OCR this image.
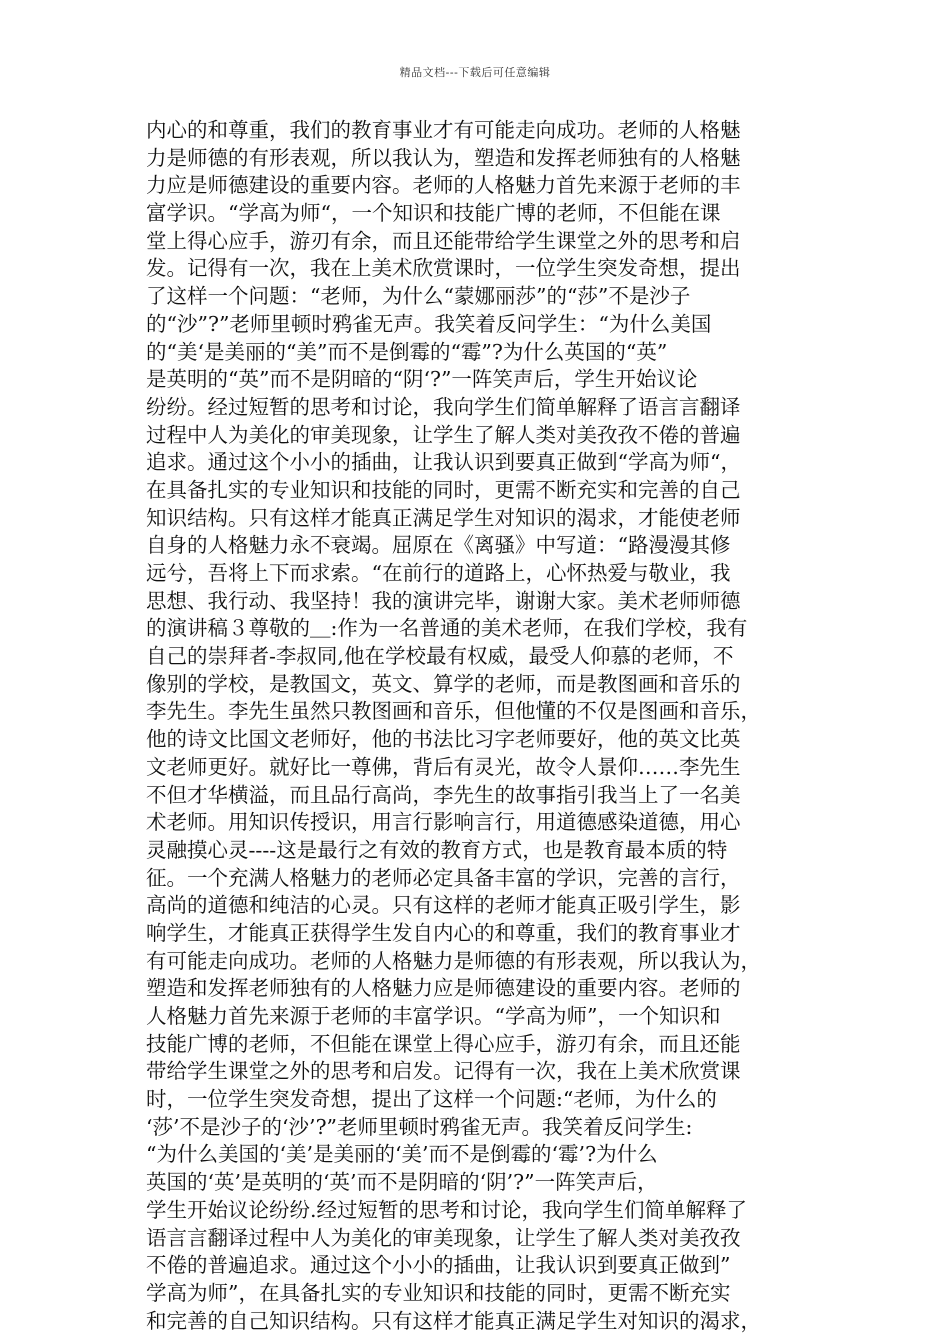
精品文档---下载后可任意编辑
内心的和尊重，我们的教育事业才有可能走向成功。老师的人格魅
力是师德的有形表观，所以我认为，塑造和发挥老师独有的人格魅
力应是师德建设的重要内容。老师的人格魅力首先来源于老师的丰
富学识。“学高为师“，一个知识和技能广博的老师，不但能在课
堂上得心应手，游刃有余，而且还能带给学生课堂之外的思考和启
发。记得有一次，我在上美术欣赏课时，一位学生突发奇想，提出
了这样一个问题：“老师，为什么“蒙娜丽莎”的“莎”不是沙子
的“沙”?”老师里顿时鸦雀无声。我笑着反问学生：“为什么美国
的“美‘是美丽的“美”而不是倒霉的“霉”?为什么英国的“英”
是英明的“英”而不是阴暗的“阴‘?”一阵笑声后，学生开始议论
纷纷。经过短暂的思考和讨论，我向学生们简单解释了语言言翻译
过程中人为美化的审美现象，让学生了解人类对美孜孜不倦的普遍
追求。通过这个小小的插曲，让我认识到要真正做到“学高为师“，
在具备扎实的专业知识和技能的同时，更需不断充实和完善的自己
知识结构。只有这样才能真正满足学生对知识的渴求，才能使老师
自身的人格魅力永不衰竭。屈原在《离骚》中写道：“路漫漫其修
远兮，吾将上下而求索。“在前行的道路上，心怀热爱与敬业，我
思想、我行动、我坚持！我的演讲完毕，谢谢大家。美术老师师德
的演讲稿３尊敬的＿:作为一名普通的美术老师，在我们学校，我有
自己的崇拜者-李叔同,他在学校最有权威，最受人仰慕的老师，不
像别的学校，是教国文，英文、算学的老师，而是教图画和音乐的
李先生。李先生虽然只教图画和音乐，但他懂的不仅是图画和音乐，
他的诗文比国文老师好，他的书法比习字老师要好，他的英文比英
文老师更好。就好比一尊佛，背后有灵光，故令人景仰……李先生
不但才华横溢，而且品行高尚，李先生的故事指引我当上了一名美
术老师。用知识传授识，用言行影响言行，用道德感染道德，用心
灵融摸心灵----这是最行之有效的教育方式，也是教育最本质的特
征。一个充满人格魅力的老师必定具备丰富的学识，完善的言行，
高尚的道德和纯洁的心灵。只有这样的老师才能真正吸引学生，影
响学生，才能真正获得学生发自内心的和尊重，我们的教育事业才
有可能走向成功。老师的人格魅力是师德的有形表观，所以我认为，
塑造和发挥老师独有的人格魅力应是师德建设的重要内容。老师的
人格魅力首先来源于老师的丰富学识。“学高为师”，一个知识和
技能广博的老师，不但能在课堂上得心应手，游刃有余，而且还能
带给学生课堂之外的思考和启发。记得有一次，我在上美术欣赏课
时，一位学生突发奇想，提出了这样一个问题:“老师，为什么的
‘莎’不是沙子的‘沙’?”老师里顿时鸦雀无声。我笑着反问学生:
“为什么美国的‘美’是美丽的‘美’而不是倒霉的‘霉’?为什么
英国的‘英’是英明的‘英’而不是阴暗的‘阴’?”一阵笑声后，
学生开始议论纷纷.经过短暂的思考和讨论，我向学生们简单解释了
语言言翻译过程中人为美化的审美现象，让学生了解人类对美孜孜
不倦的普遍追求。通过这个小小的插曲，让我认识到要真正做到”
学高为师”，在具备扎实的专业知识和技能的同时，更需不断充实
和完善的自己知识结构。只有这样才能真正满足学生对知识的渴求，
